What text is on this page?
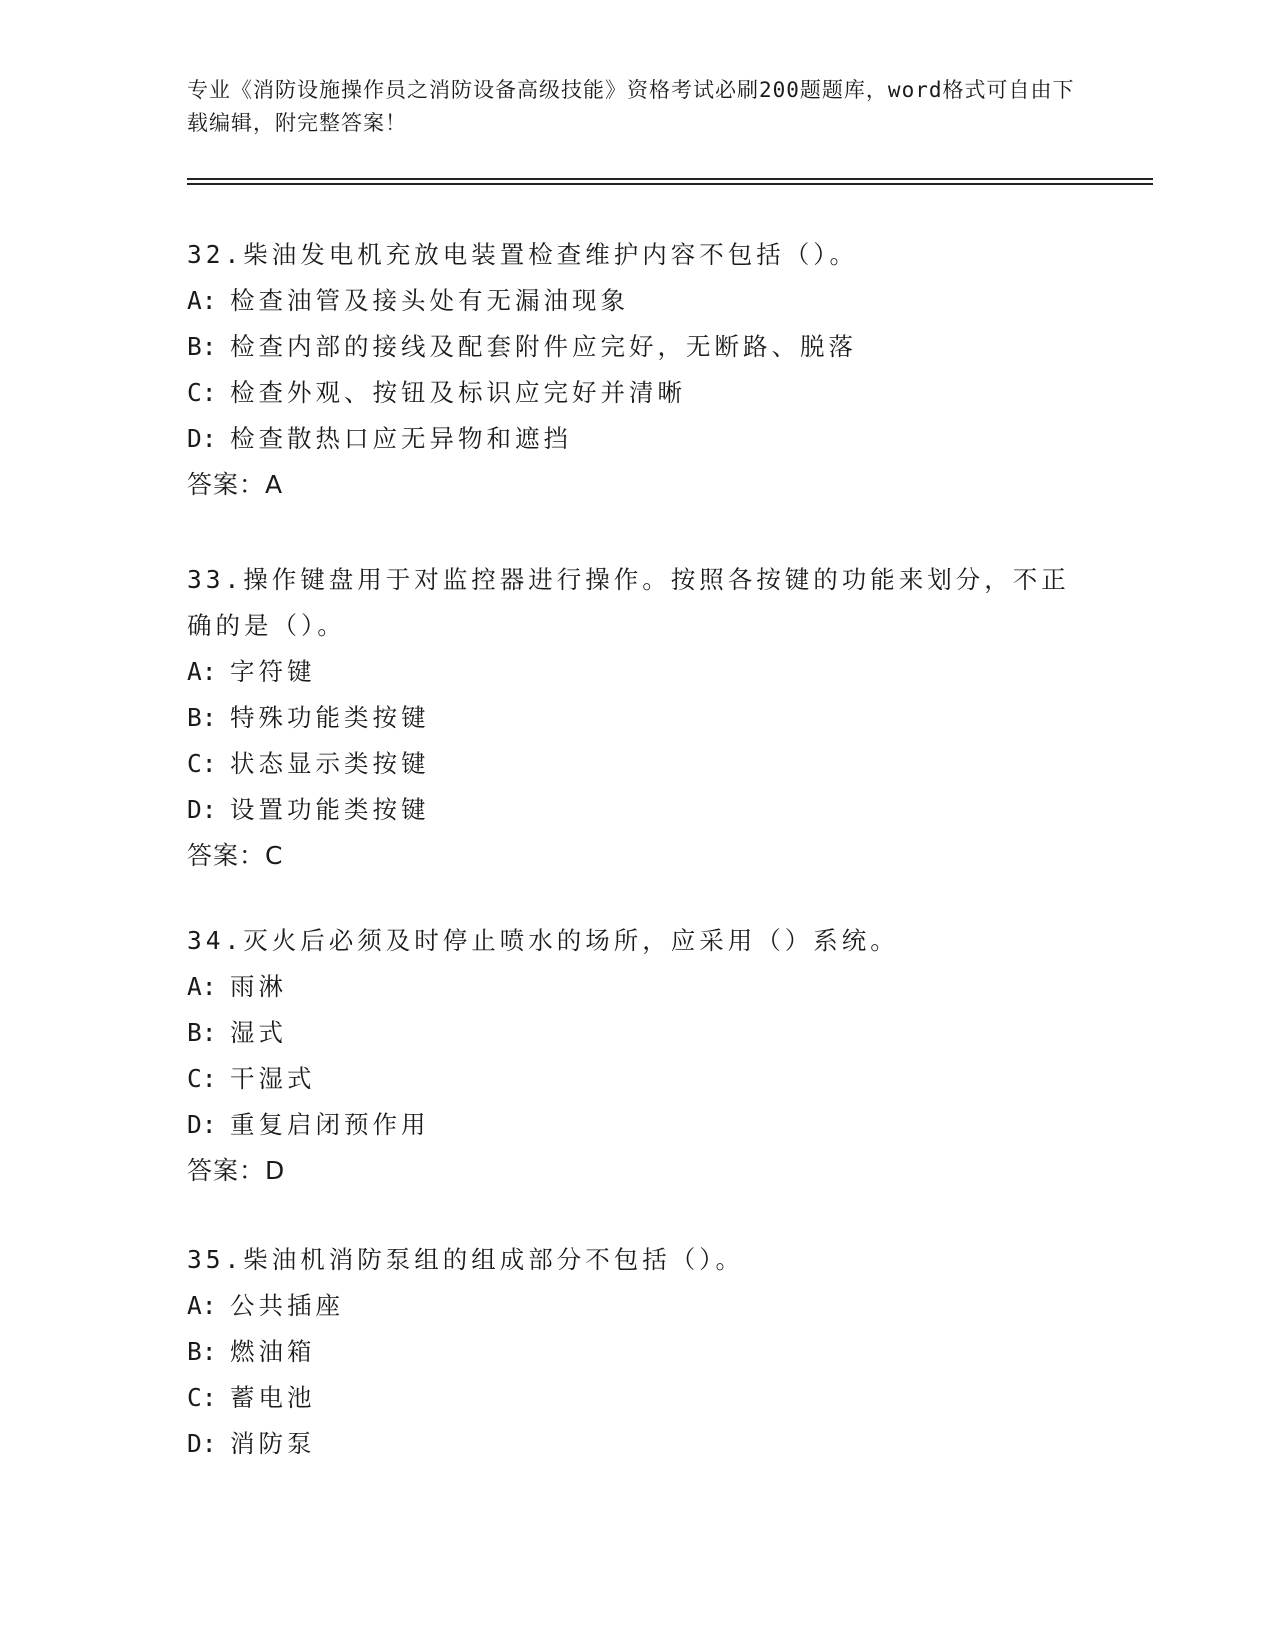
专业《消防设施操作员之消防设备高级技能》资格考试必刷200题题库，word格式可自由下载编辑，附完整答案！
32.柴油发电机充放电装置检查维护内容不包括（）。
A: 检查油管及接头处有无漏油现象
B: 检查内部的接线及配套附件应完好，无断路、脱落
C: 检查外观、按钮及标识应完好并清晰
D: 检查散热口应无异物和遮挡
答案：A
33.操作键盘用于对监控器进行操作。按照各按键的功能来划分，不正确的是（）。
A: 字符键
B: 特殊功能类按键
C: 状态显示类按键
D: 设置功能类按键
答案：C
34.灭火后必须及时停止喷水的场所，应采用（）系统。
A: 雨淋
B: 湿式
C: 干湿式
D: 重复启闭预作用
答案：D
35.柴油机消防泵组的组成部分不包括（）。
A: 公共插座
B: 燃油箱
C: 蓄电池
D: 消防泵
